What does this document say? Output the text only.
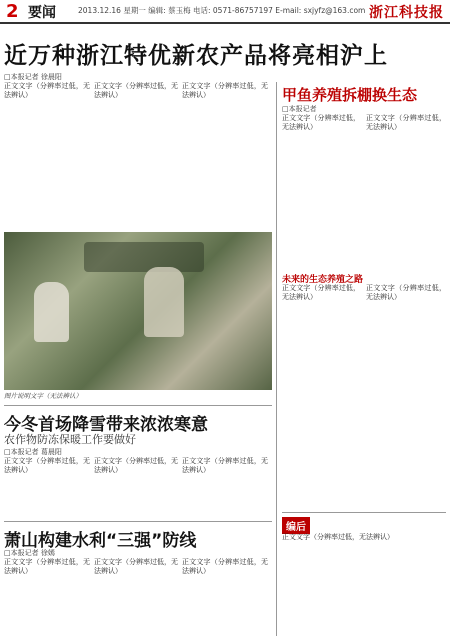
2 要闻	2013.12.16 星期一 编辑: 蔡玉梅 电话: 0571-86757197 E-mail: sxjyfz@163.com 浙江科技报
近万种浙江特优新农产品将亮相沪上
□本报记者 徐晨阳
正文文字（分辨率过低，无法辨认）
正文文字（分辨率过低，无法辨认）
正文文字（分辨率过低，无法辨认）
图片说明文字（无法辨认）
今冬首场降雪带来浓浓寒意
农作物防冻保暖工作要做好
□本报记者 葛晨阳
正文文字（分辨率过低，无法辨认）
正文文字（分辨率过低，无法辨认）
正文文字（分辨率过低，无法辨认）
萧山构建水利“三强”防线
□本报记者 徐嫣
正文文字（分辨率过低，无法辨认）
正文文字（分辨率过低，无法辨认）
正文文字（分辨率过低，无法辨认）
甲鱼养殖拆棚换生态
□本报记者
正文文字（分辨率过低，无法辨认）
正文文字（分辨率过低，无法辨认）
未来的生态养殖之路
正文文字（分辨率过低，无法辨认）
正文文字（分辨率过低，无法辨认）
编后
正文文字（分辨率过低，无法辨认）
